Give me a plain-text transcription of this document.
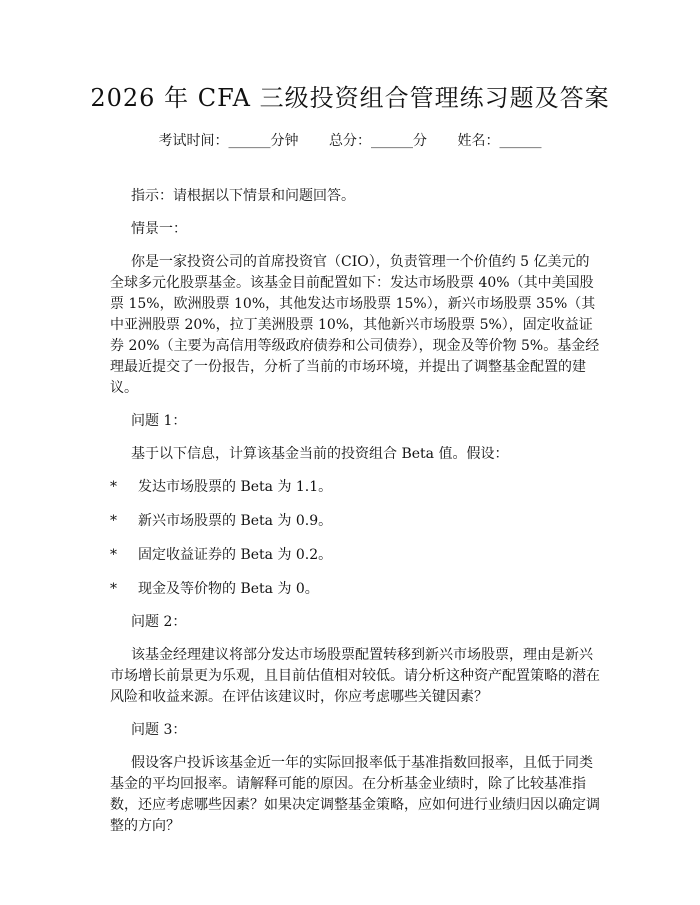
2026 年 CFA 三级投资组合管理练习题及答案
考试时间：______分钟 总分：______分 姓名：______

指示：请根据以下情景和问题回答。

情景一：

你是一家投资公司的首席投资官（CIO），负责管理一个价值约 5 亿美元的全球多元化股票基金。该基金目前配置如下：发达市场股票 40%（其中美国股票 15%，欧洲股票 10%，其他发达市场股票 15%），新兴市场股票 35%（其中亚洲股票 20%，拉丁美洲股票 10%，其他新兴市场股票 5%），固定收益证券 20%（主要为高信用等级政府债券和公司债券），现金及等价物 5%。基金经理最近提交了一份报告，分析了当前的市场环境，并提出了调整基金配置的建议。

问题 1：

基于以下信息，计算该基金当前的投资组合 Beta 值。假设：

*	发达市场股票的 Beta 为 1.1。

*	新兴市场股票的 Beta 为 0.9。

*	固定收益证券的 Beta 为 0.2。

*	现金及等价物的 Beta 为 0。

问题 2：

该基金经理建议将部分发达市场股票配置转移到新兴市场股票，理由是新兴市场增长前景更为乐观，且目前估值相对较低。请分析这种资产配置策略的潜在风险和收益来源。在评估该建议时，你应考虑哪些关键因素？

问题 3：

假设客户投诉该基金近一年的实际回报率低于基准指数回报率，且低于同类基金的平均回报率。请解释可能的原因。在分析基金业绩时，除了比较基准指数，还应考虑哪些因素？如果决定调整基金策略，应如何进行业绩归因以确定调整的方向？
